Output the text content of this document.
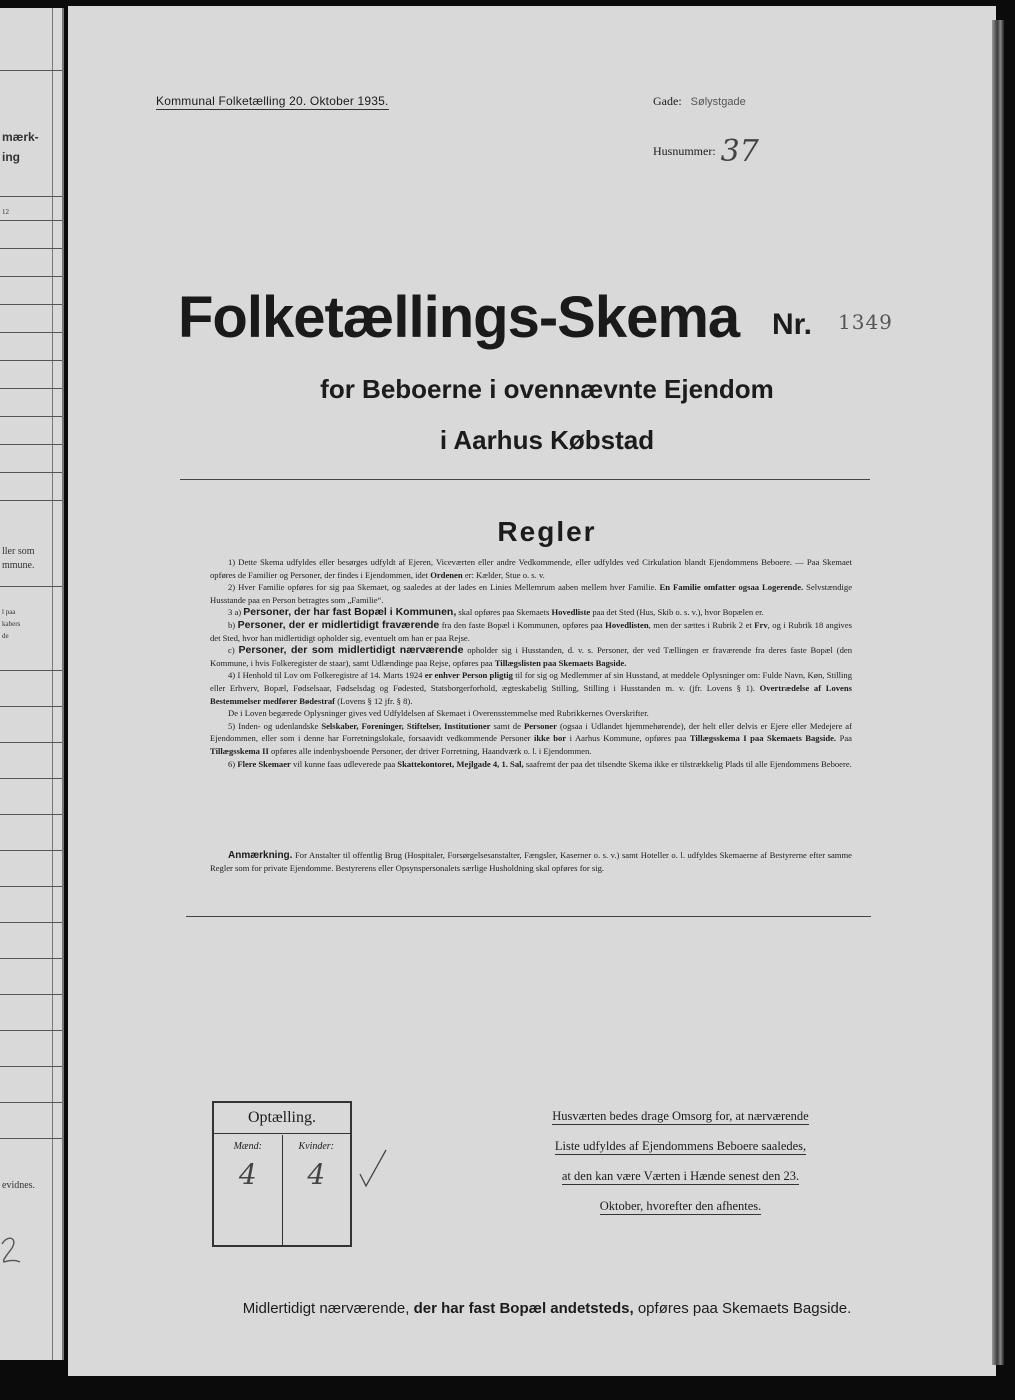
mærk-
ing
12
ller som
mmune.
l paa
kabers
de
evidnes.
Kommunal Folketælling 20. Oktober 1935.	Gade: Sølystgade
Husnummer: 37
Folketællings-Skema Nr. 1349
for Beboerne i ovennævnte Ejendom
i Aarhus Købstad
Regler

1) Dette Skema udfyldes eller besørges udfyldt af Ejeren, Viceværten eller andre Vedkommende, eller udfyldes ved Cirkulation blandt Ejendommens Beboere. — Paa Skemaet opføres de Familier og Personer, der findes i Ejendommen, idet Ordenen er: Kælder, Stue o. s. v.

2) Hver Familie opføres for sig paa Skemaet, og saaledes at der lades en Linies Mellemrum aaben mellem hver Familie. En Familie omfatter ogsaa Logerende. Selvstændige Husstande paa en Person betragtes som „Familie“.

3 a) Personer, der har fast Bopæl i Kommunen, skal opføres paa Skemaets Hovedliste paa det Sted (Hus, Skib o. s. v.), hvor Bopælen er.

b) Personer, der er midlertidigt fraværende fra den faste Bopæl i Kommunen, opføres paa Hovedlisten, men der sættes i Rubrik 2 et Frv, og i Rubrik 18 angives det Sted, hvor han midlertidigt opholder sig, eventuelt om han er paa Rejse.

c) Personer, der som midlertidigt nærværende opholder sig i Husstanden, d. v. s. Personer, der ved Tællingen er fraværende fra deres faste Bopæl (den Kommune, i hvis Folkeregister de staar), samt Udlændinge paa Rejse, opføres paa Tillægslisten paa Skemaets Bagside.

4) I Henhold til Lov om Folkeregistre af 14. Marts 1924 er enhver Person pligtig til for sig og Medlemmer af sin Husstand, at meddele Oplysninger om: Fulde Navn, Køn, Stilling eller Erhverv, Bopæl, Fødselsaar, Fødselsdag og Fødested, Statsborgerforhold, ægteskabelig Stilling, Stilling i Husstanden m. v. (jfr. Lovens § 1). Overtrædelse af Lovens Bestemmelser medfører Bødestraf (Lovens § 12 jfr. § 8).

De i Loven begærede Oplysninger gives ved Udfyldelsen af Skemaet i Overensstemmelse med Rubrikkernes Overskrifter.

5) Inden- og udenlandske Selskaber, Foreninger, Stiftelser, Institutioner samt de Personer (ogsaa i Udlandet hjemmehørende), der helt eller delvis er Ejere eller Medejere af Ejendommen, eller som i denne har Forretningslokale, forsaavidt vedkommende Personer ikke bor i Aarhus Kommune, opføres paa Tillægsskema I paa Skemaets Bagside. Paa Tillægsskema II opføres alle indenbysboende Personer, der driver Forretning, Haandværk o. l. i Ejendommen.

6) Flere Skemaer vil kunne faas udleverede paa Skattekontoret, Mejlgade 4, 1. Sal, saafremt der paa det tilsendte Skema ikke er tilstrækkelig Plads til alle Ejendommens Beboere.

Anmærkning. For Anstalter til offentlig Brug (Hospitaler, Forsørgelsesanstalter, Fængsler, Kaserner o. s. v.) samt Hoteller o. l. udfyldes Skemaerne af Bestyrerne efter samme Regler som for private Ejendomme. Bestyrerens eller Opsynspersonalets særlige Husholdning skal opføres for sig.
Optælling.
Mænd:
4
Kvinder:
4
Husværten bedes drage Omsorg for, at nærværende
Liste udfyldes af Ejendommens Beboere saaledes,
at den kan være Værten i Hænde senest den 23.
Oktober, hvorefter den afhentes.
Midlertidigt nærværende, der har fast Bopæl andetsteds, opføres paa Skemaets Bagside.
